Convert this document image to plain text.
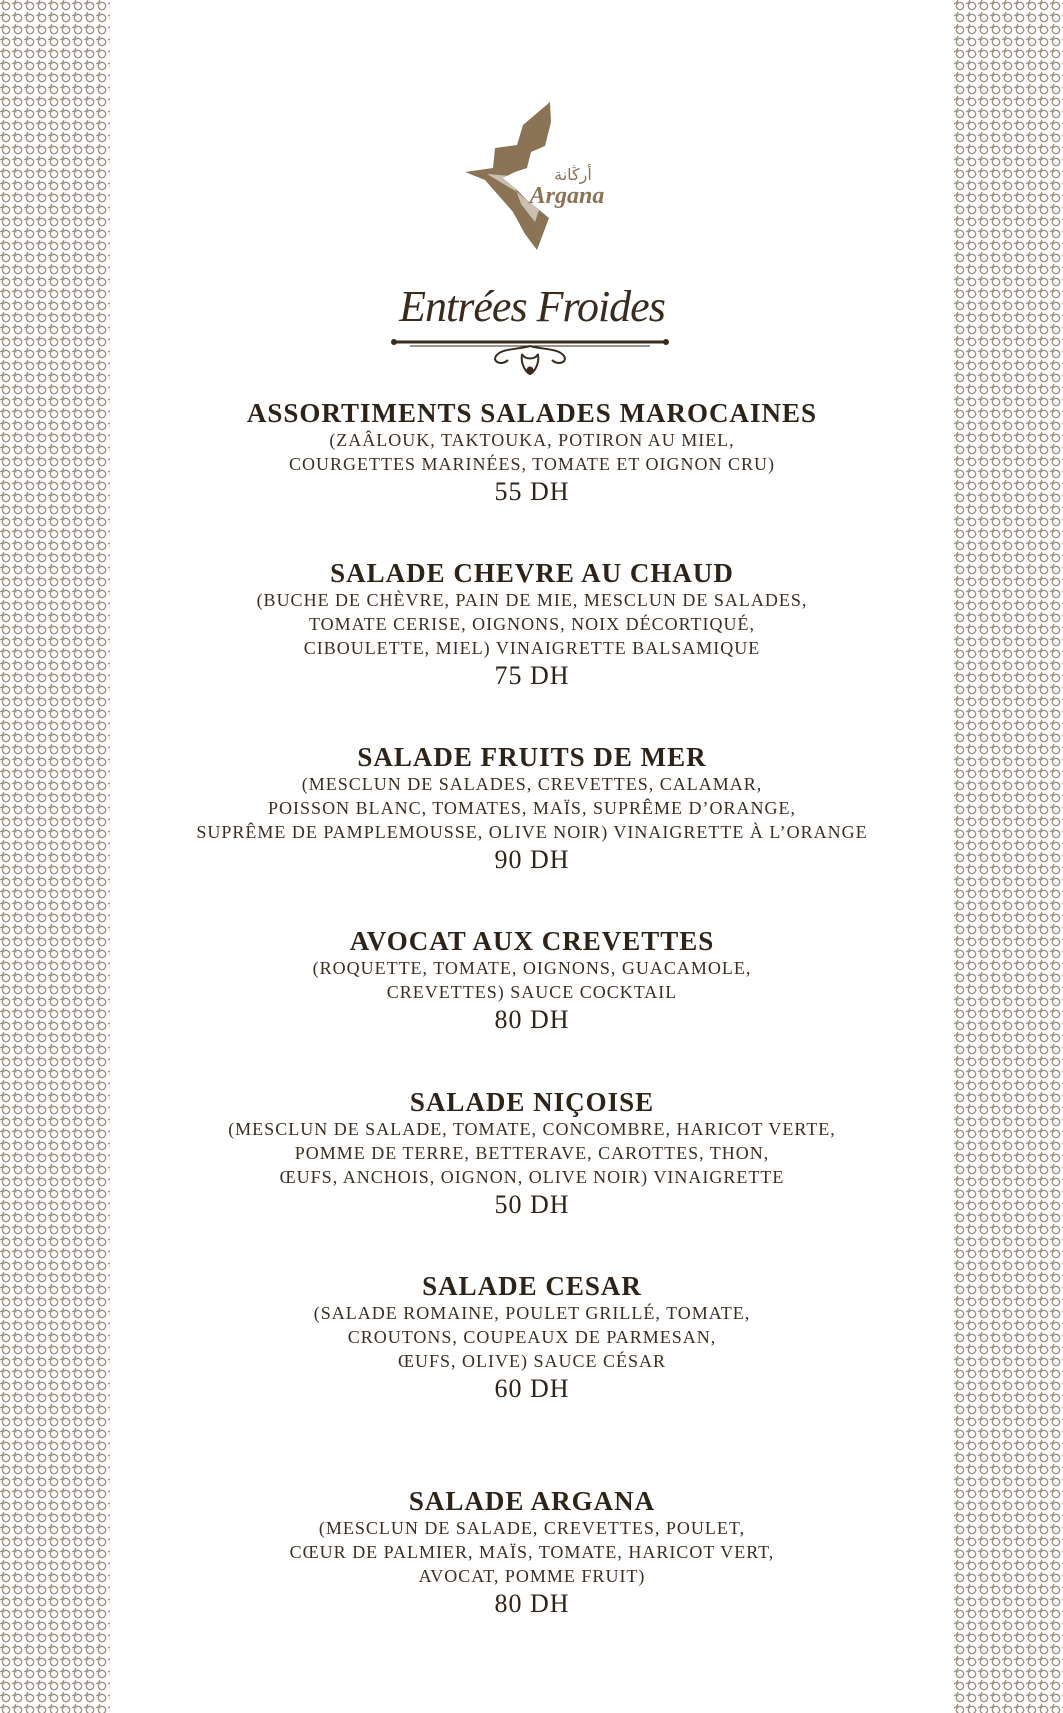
أرڭانة
Argana
Entrées Froides
ASSORTIMENTS SALADES MAROCAINES
(ZAÂLOUK, TAKTOUKA, POTIRON AU MIEL,
COURGETTES MARINÉES, TOMATE ET OIGNON CRU)
55 DH
SALADE CHEVRE AU CHAUD
(BUCHE DE CHÈVRE, PAIN DE MIE, MESCLUN DE SALADES,
TOMATE CERISE, OIGNONS, NOIX DÉCORTIQUÉ,
CIBOULETTE, MIEL) VINAIGRETTE BALSAMIQUE
75 DH
SALADE FRUITS DE MER
(MESCLUN DE SALADES, CREVETTES, CALAMAR,
POISSON BLANC, TOMATES, MAÏS, SUPRÊME D’ORANGE,
SUPRÊME DE PAMPLEMOUSSE, OLIVE NOIR) VINAIGRETTE À L’ORANGE
90 DH
AVOCAT AUX CREVETTES
(ROQUETTE, TOMATE, OIGNONS, GUACAMOLE,
CREVETTES) SAUCE COCKTAIL
80 DH
SALADE NIÇOISE
(MESCLUN DE SALADE, TOMATE, CONCOMBRE, HARICOT VERTE,
POMME DE TERRE, BETTERAVE, CAROTTES, THON,
ŒUFS, ANCHOIS, OIGNON, OLIVE NOIR) VINAIGRETTE
50 DH
SALADE CESAR
(SALADE ROMAINE, POULET GRILLÉ, TOMATE,
CROUTONS, COUPEAUX DE PARMESAN,
ŒUFS, OLIVE) SAUCE CÉSAR
60 DH
SALADE ARGANA
(MESCLUN DE SALADE, CREVETTES, POULET,
CŒUR DE PALMIER, MAÏS, TOMATE, HARICOT VERT,
AVOCAT, POMME FRUIT)
80 DH
